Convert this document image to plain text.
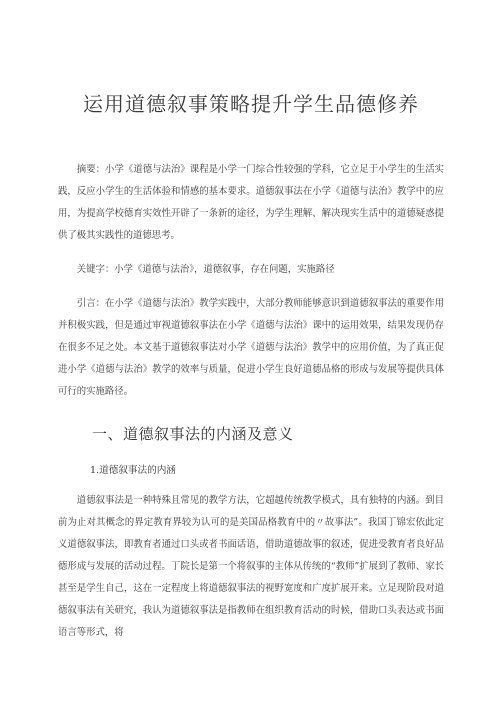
运用道德叙事策略提升学生品德修养

摘要：小学《道德与法治》课程是小学一门综合性较强的学科，它立足于小学生的生活实践，反应小学生的生活体验和情感的基本要求。道德叙事法在小学《道德与法治》教学中的应用，为提高学校德育实效性开辟了一条新的途径，为学生理解、解决现实生活中的道德疑惑提供了极其实践性的道德思考。

关键字：小学《道德与法治》，道德叙事，存在问题，实施路径

引言：在小学《道德与法治》教学实践中，大部分教师能够意识到道德叙事法的重要作用并积极实践，但是通过审视道德叙事法在小学《道德与法治》课中的运用效果，结果发现仍存在很多不足之处。本文基于道德叙事法对小学《道德与法治》教学中的应用价值，为了真正促进小学《道德与法治》教学的效率与质量，促进小学生良好道德品格的形成与发展等提供具体可行的实施路径。

一、道德叙事法的内涵及意义
1.道德叙事法的内涵

道德叙事法是一种特殊且常见的教学方法，它超越传统教学模式，具有独特的内涵。到目前为止对其概念的界定教育界较为认可的是美国品格教育中的〃故事法”。我国丁锦宏依此定义道德叙事法，即教育者通过口头或者书面话语，借助道德故事的叙述，促进受教育者良好品德形成与发展的活动过程。丁院长是第一个将叙事的主体从传统的“教师”扩展到了教师、家长甚至是学生自己，这在一定程度上将道德叙事法的视野宽度和广度扩展开来。立足现阶段对道德叙事法有关研究，我认为道德叙事法是指教师在组织教育活动的时候，借助口头表达或书面语言等形式，将
